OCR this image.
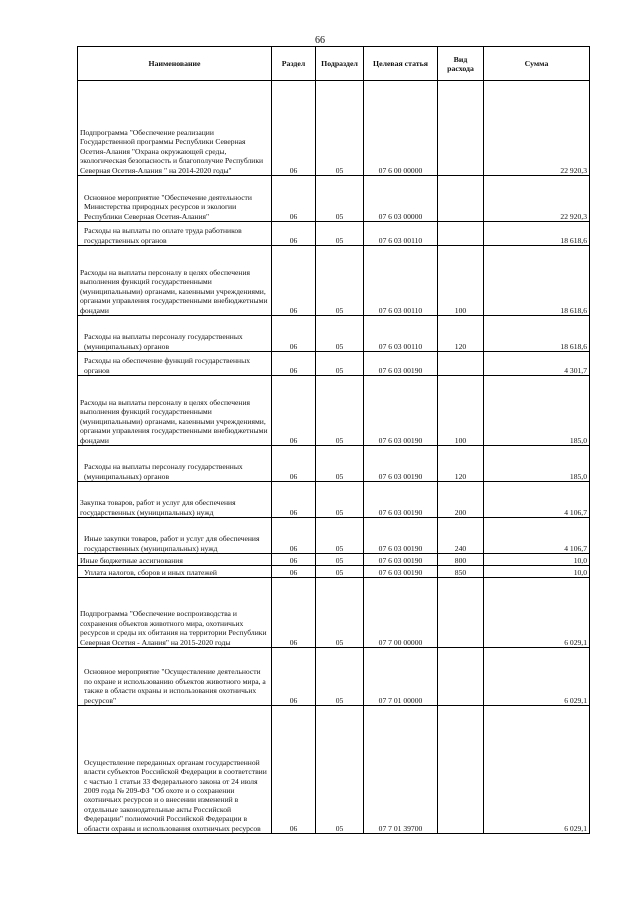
66
Наименование	Раздел	Подраздел	Целевая статья	Вид расхода	Сумма
Подпрограмма "Обеспечение реализации Государственной программы Республики Северная Осетия-Алания "Охрана окружающей среды, экологическая безопасность и благополучие Республики Северная Осетия-Алания " на 2014-2020 годы"	06	05	07 6 00 00000		22 920,3
Основное мероприятие "Обеспечение деятельности Министерства природных ресурсов и экологии Республики Северная Осетия-Алания"	06	05	07 6 03 00000		22 920,3
Расходы на выплаты по оплате труда работников государственных органов	06	05	07 6 03 00110		18 618,6
Расходы на выплаты персоналу в целях обеспечения выполнения функций государственными (муниципальными) органами, казенными учреждениями, органами управления государственными внебюджетными фондами	06	05	07 6 03 00110	100	18 618,6
Расходы на выплаты персоналу государственных (муниципальных) органов	06	05	07 6 03 00110	120	18 618,6
Расходы на обеспечение функций государственных органов	06	05	07 6 03 00190		4 301,7
Расходы на выплаты персоналу в целях обеспечения выполнения функций государственными (муниципальными) органами, казенными учреждениями, органами управления государственными внебюджетными фондами	06	05	07 6 03 00190	100	185,0
Расходы на выплаты персоналу государственных (муниципальных) органов	06	05	07 6 03 00190	120	185,0
Закупка товаров, работ и услуг для обеспечения государственных (муниципальных) нужд	06	05	07 6 03 00190	200	4 106,7
Иные закупки товаров, работ и услуг для обеспечения государственных (муниципальных) нужд	06	05	07 6 03 00190	240	4 106,7
Иные бюджетные ассигнования	06	05	07 6 03 00190	800	10,0
Уплата налогов, сборов и иных платежей	06	05	07 6 03 00190	850	10,0
Подпрограмма "Обеспечение воспроизводства и сохранения объектов животного мира, охотничьих ресурсов и среды их обитания на территории Республики Северная Осетия - Алания" на 2015-2020 годы	06	05	07 7 00 00000		6 029,1
Основное мероприятие "Осуществление деятельности по охране и использованию объектов животного мира, а также в области охраны и использования охотничьих ресурсов"	06	05	07 7 01 00000		6 029,1
Осуществление переданных органам государственной власти субъектов Российской Федерации в соответствии с частью 1 статьи 33 Федерального закона от 24 июля 2009 года № 209-ФЗ "Об охоте и о сохранении охотничьих ресурсов и о внесении изменений в отдельные законодательные акты Российской Федерации" полномочий Российской Федерации в области охраны и использования охотничьих ресурсов	06	05	07 7 01 39700		6 029,1
